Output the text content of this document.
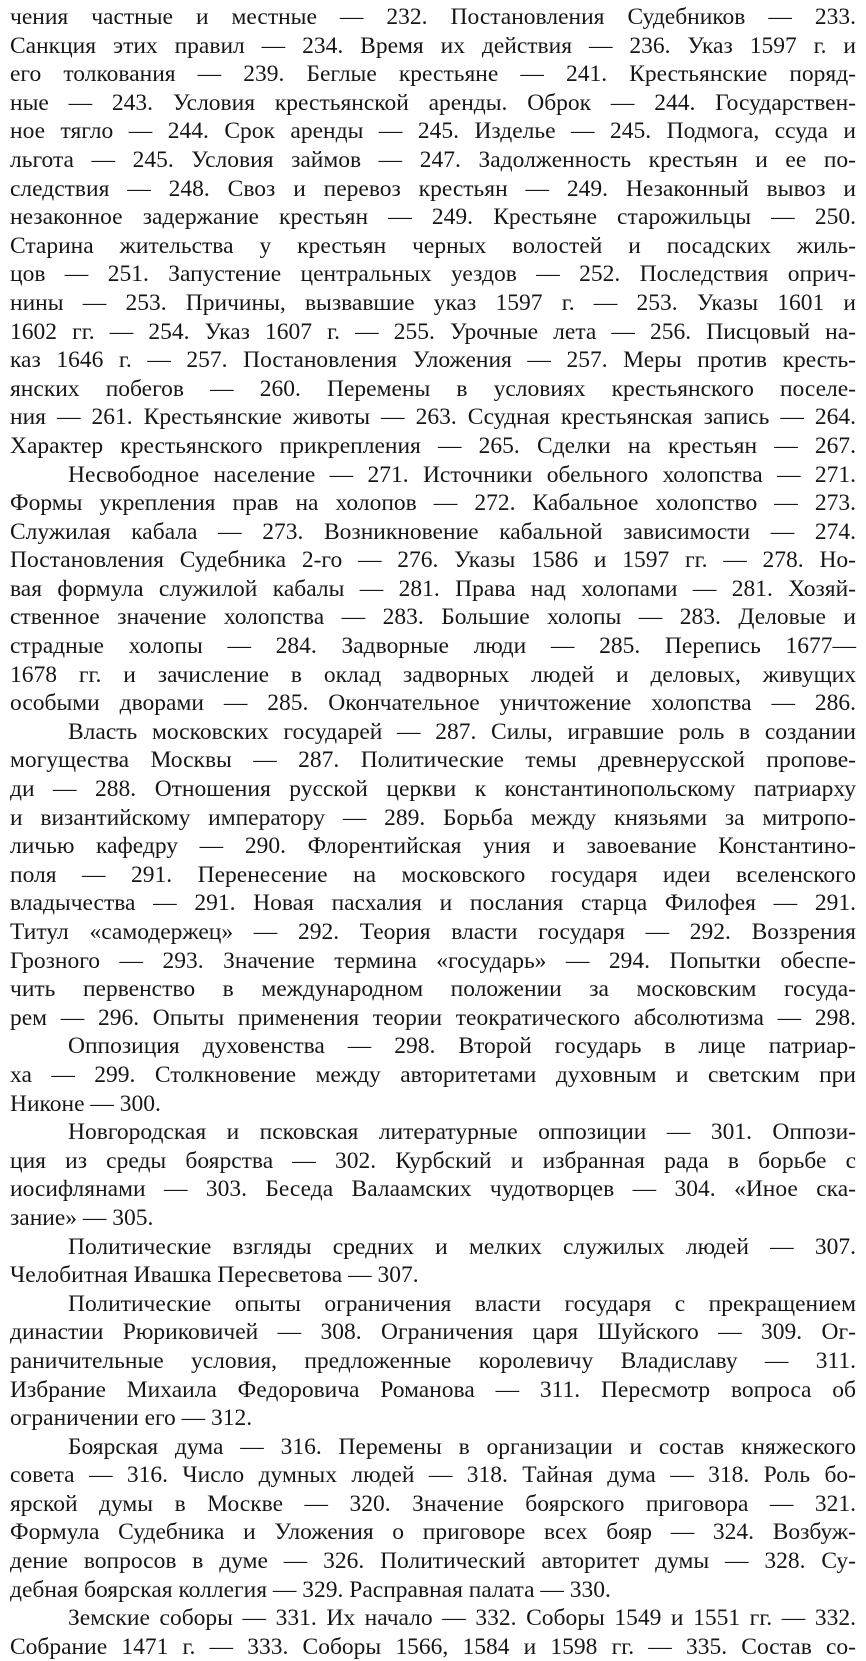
чения частные и местные — 232. Постановления Судебников — 233.
Санкция этих правил — 234. Время их действия — 236. Указ 1597 г. и
его толкования — 239. Беглые крестьяне — 241. Крестьянские поряд-
ные — 243. Условия крестьянской аренды. Оброк — 244. Государствен-
ное тягло — 244. Срок аренды — 245. Изделье — 245. Подмога, ссуда и
льгота — 245. Условия займов — 247. Задолженность крестьян и ее по-
следствия — 248. Своз и перевоз крестьян — 249. Незаконный вывоз и
незаконное задержание крестьян — 249. Крестьяне старожильцы — 250.
Старина жительства у крестьян черных волостей и посадских жиль-
цов — 251. Запустение центральных уездов — 252. Последствия оприч-
нины — 253. Причины, вызвавшие указ 1597 г. — 253. Указы 1601 и
1602 гг. — 254. Указ 1607 г. — 255. Урочные лета — 256. Писцовый на-
каз 1646 г. — 257. Постановления Уложения — 257. Меры против кресть-
янских побегов — 260. Перемены в условиях крестьянского поселе-
ния — 261. Крестьянские животы — 263. Ссудная крестьянская запись — 264.
Характер крестьянского прикрепления — 265. Сделки на крестьян — 267.

Несвободное население — 271. Источники обельного холопства — 271.
Формы укрепления прав на холопов — 272. Кабальное холопство — 273.
Служилая кабала — 273. Возникновение кабальной зависимости — 274.
Постановления Судебника 2-го — 276. Указы 1586 и 1597 гг. — 278. Но-
вая формула служилой кабалы — 281. Права над холопами — 281. Хозяй-
ственное значение холопства — 283. Большие холопы — 283. Деловые и
страдные холопы — 284. Задворные люди — 285. Перепись 1677—
1678 гг. и зачисление в оклад задворных людей и деловых, живущих
особыми дворами — 285. Окончательное уничтожение холопства — 286.

Власть московских государей — 287. Силы, игравшие роль в создании
могущества Москвы — 287. Политические темы древнерусской пропове-
ди — 288. Отношения русской церкви к константинопольскому патриарху
и византийскому императору — 289. Борьба между князьями за митропо-
личью кафедру — 290. Флорентийская уния и завоевание Константино-
поля — 291. Перенесение на московского государя идеи вселенского
владычества — 291. Новая пасхалия и послания старца Филофея — 291.
Титул «самодержец» — 292. Теория власти государя — 292. Воззрения
Грозного — 293. Значение термина «государь» — 294. Попытки обеспе-
чить первенство в международном положении за московским госуда-
рем — 296. Опыты применения теории теократического абсолютизма — 298.

Оппозиция духовенства — 298. Второй государь в лице патриар-
ха — 299. Столкновение между авторитетами духовным и светским при
Никоне — 300.

Новгородская и псковская литературные оппозиции — 301. Оппози-
ция из среды боярства — 302. Курбский и избранная рада в борьбе с
иосифлянами — 303. Беседа Валаамских чудотворцев — 304. «Иное ска-
зание» — 305.

Политические взгляды средних и мелких служилых людей — 307.
Челобитная Ивашка Пересветова — 307.

Политические опыты ограничения власти государя с прекращением
династии Рюриковичей — 308. Ограничения царя Шуйского — 309. Ог-
раничительные условия, предложенные королевичу Владиславу — 311.
Избрание Михаила Федоровича Романова — 311. Пересмотр вопроса об
ограничении его — 312.

Боярская дума — 316. Перемены в организации и состав княжеского
совета — 316. Число думных людей — 318. Тайная дума — 318. Роль бо-
ярской думы в Москве — 320. Значение боярского приговора — 321.
Формула Судебника и Уложения о приговоре всех бояр — 324. Возбуж-
дение вопросов в думе — 326. Политический авторитет думы — 328. Су-
дебная боярская коллегия — 329. Расправная палата — 330.

Земские соборы — 331. Их начало — 332. Соборы 1549 и 1551 гг. — 332.
Собрание 1471 г. — 333. Соборы 1566, 1584 и 1598 гг. — 335. Состав со-
